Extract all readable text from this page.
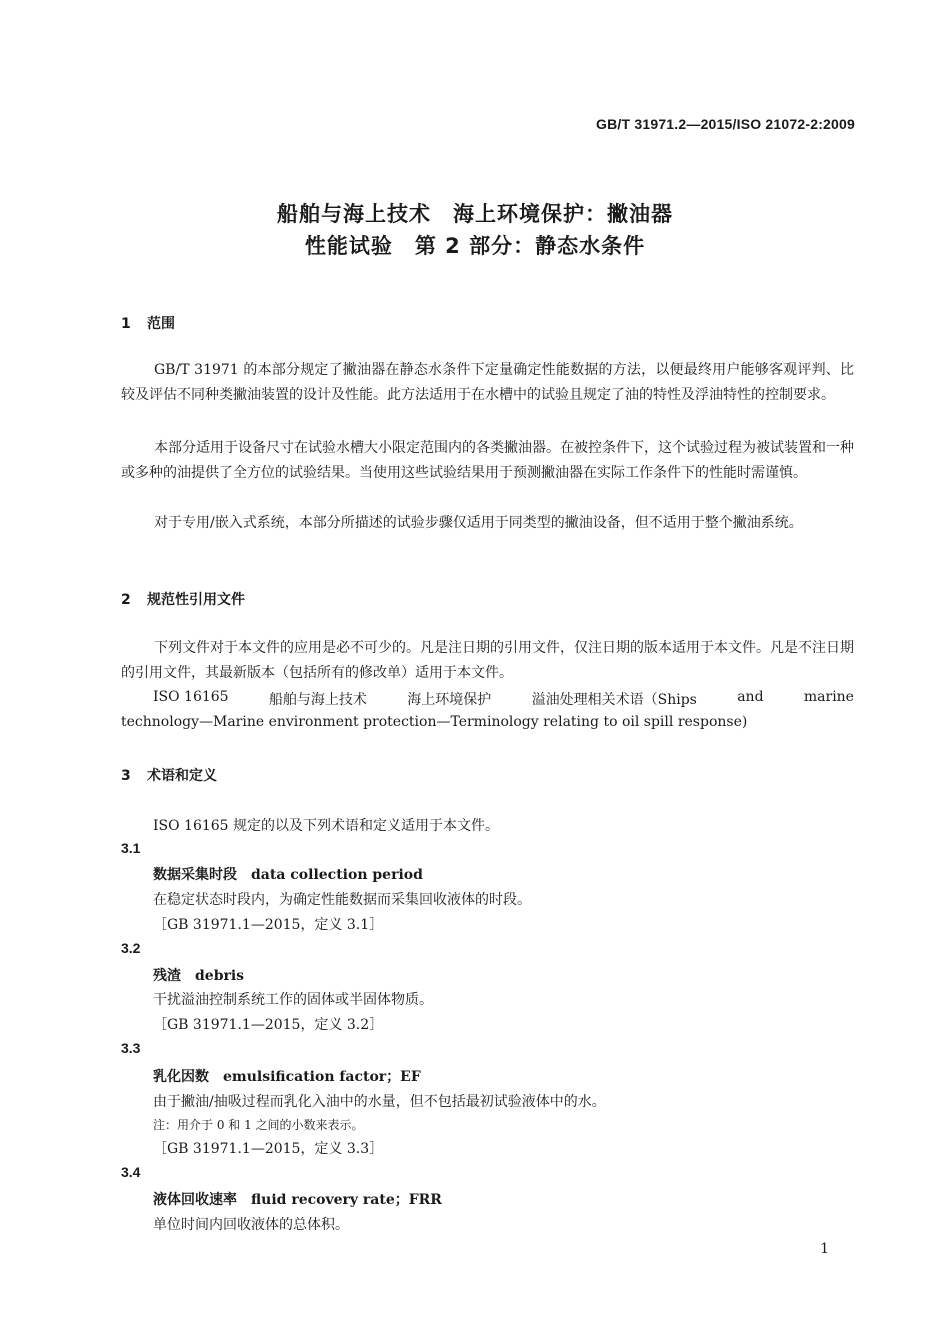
GB/T 31971.2—2015/ISO 21072-2:2009
船舶与海上技术　海上环境保护：撇油器
性能试验　第 2 部分：静态水条件
1 范围
GB/T 31971 的本部分规定了撇油器在静态水条件下定量确定性能数据的方法，以便最终用户能够客观评判、比较及评估不同种类撇油装置的设计及性能。此方法适用于在水槽中的试验且规定了油的特性及浮油特性的控制要求。
本部分适用于设备尺寸在试验水槽大小限定范围内的各类撇油器。在被控条件下，这个试验过程为被试装置和一种或多种的油提供了全方位的试验结果。当使用这些试验结果用于预测撇油器在实际工作条件下的性能时需谨慎。
对于专用/嵌入式系统，本部分所描述的试验步骤仅适用于同类型的撇油设备，但不适用于整个撇油系统。
2 规范性引用文件
下列文件对于本文件的应用是必不可少的。凡是注日期的引用文件，仅注日期的版本适用于本文件。凡是不注日期的引用文件，其最新版本（包括所有的修改单）适用于本文件。
ISO 16165	船舶与海上技术	海上环境保护	溢油处理相关术语（Ships	and	marine
technology—Marine environment protection—Terminology relating to oil spill response)
3 术语和定义
ISO 16165 规定的以及下列术语和定义适用于本文件。
3.1
数据采集时段 data collection period
在稳定状态时段内，为确定性能数据而采集回收液体的时段。
［GB 31971.1—2015，定义 3.1］
3.2
残渣 debris
干扰溢油控制系统工作的固体或半固体物质。
［GB 31971.1—2015，定义 3.2］
3.3
乳化因数 emulsification factor；EF
由于撇油/抽吸过程而乳化入油中的水量，但不包括最初试验液体中的水。
注：用介于 0 和 1 之间的小数来表示。
［GB 31971.1—2015，定义 3.3］
3.4
液体回收速率 fluid recovery rate；FRR
单位时间内回收液体的总体积。
1
